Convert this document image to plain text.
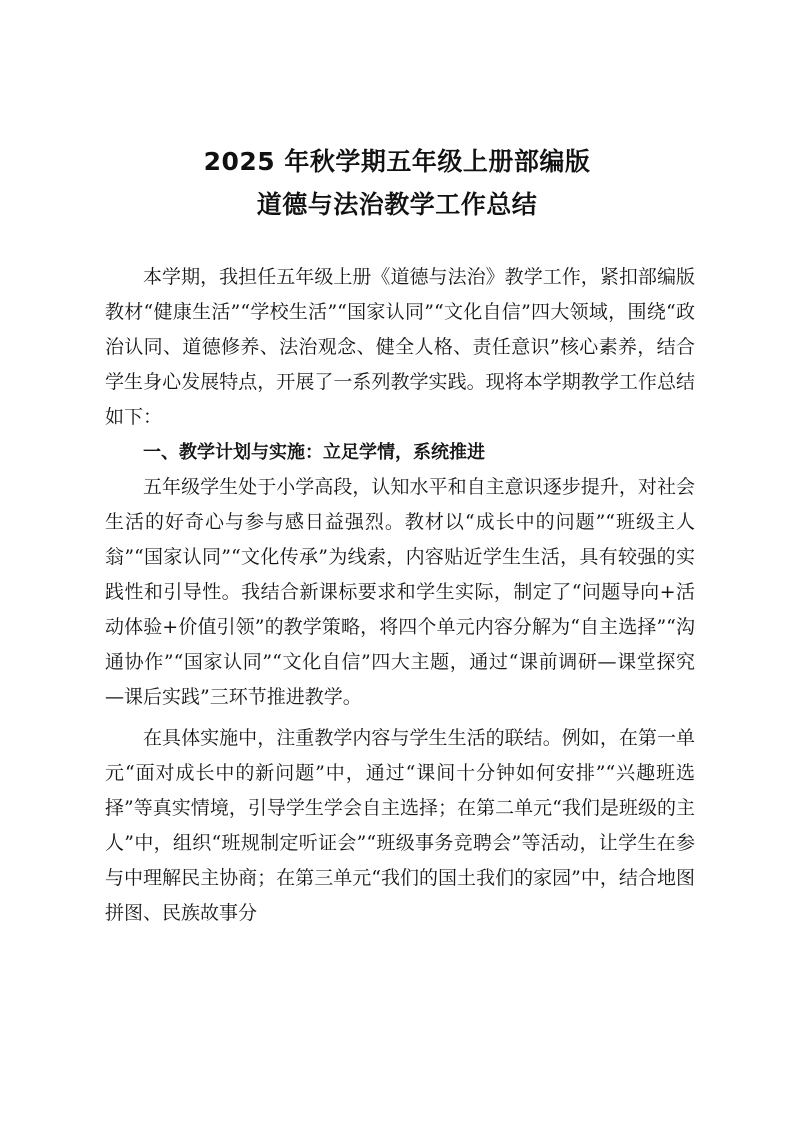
2025 年秋学期五年级上册部编版
道德与法治教学工作总结

本学期，我担任五年级上册《道德与法治》教学工作，紧扣部编版教材“健康生活”“学校生活”“国家认同”“文化自信”四大领域，围绕“政治认同、道德修养、法治观念、健全人格、责任意识”核心素养，结合学生身心发展特点，开展了一系列教学实践。现将本学期教学工作总结如下：

一、教学计划与实施：立足学情，系统推进

五年级学生处于小学高段，认知水平和自主意识逐步提升，对社会生活的好奇心与参与感日益强烈。教材以“成长中的问题”“班级主人翁”“国家认同”“文化传承”为线索，内容贴近学生生活，具有较强的实践性和引导性。我结合新课标要求和学生实际，制定了“问题导向+活动体验+价值引领”的教学策略，将四个单元内容分解为“自主选择”“沟通协作”“国家认同”“文化自信”四大主题，通过“课前调研—课堂探究—课后实践”三环节推进教学。

在具体实施中，注重教学内容与学生生活的联结。例如，在第一单元“面对成长中的新问题”中，通过“课间十分钟如何安排”“兴趣班选择”等真实情境，引导学生学会自主选择；在第二单元“我们是班级的主人”中，组织“班规制定听证会”“班级事务竞聘会”等活动，让学生在参与中理解民主协商；在第三单元“我们的国土我们的家园”中，结合地图拼图、民族故事分
